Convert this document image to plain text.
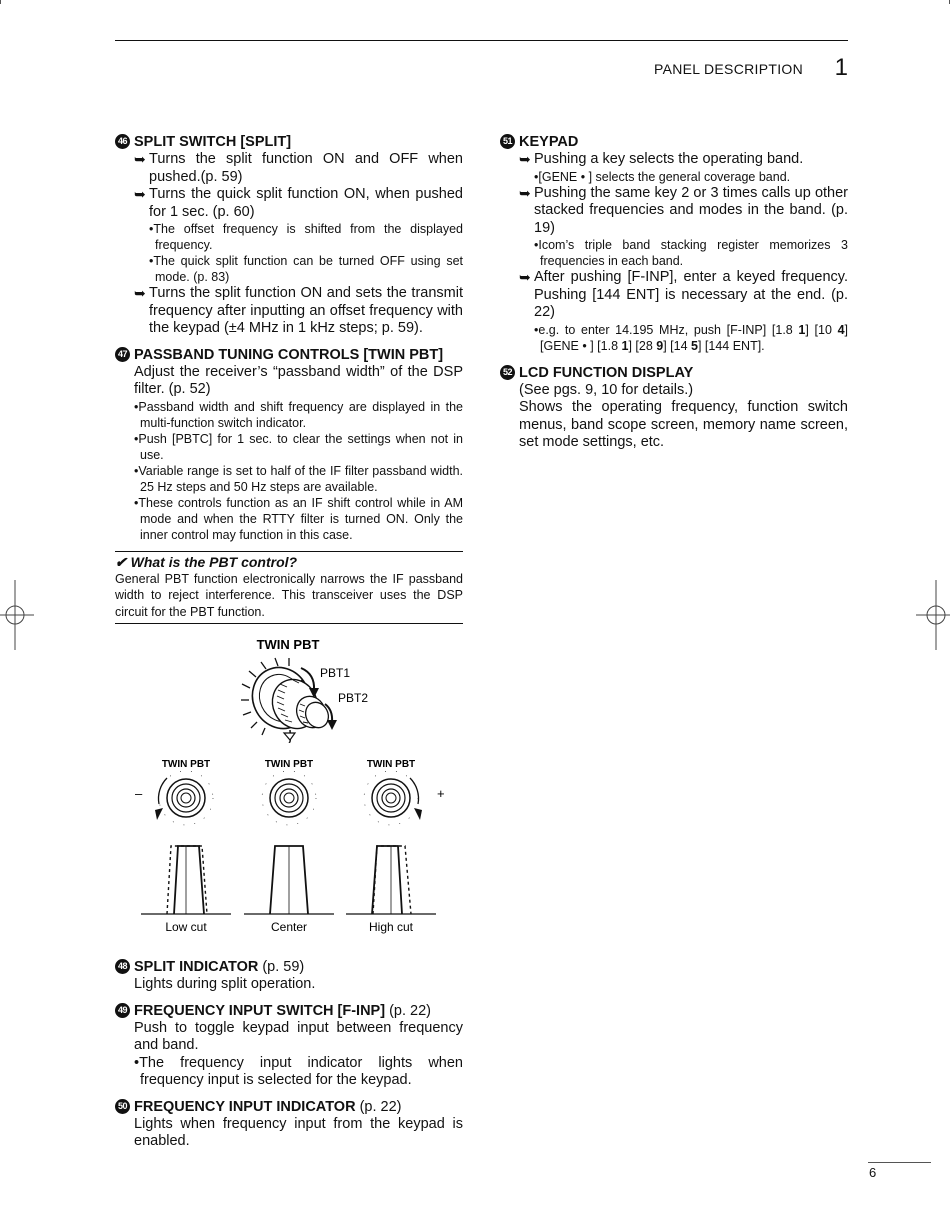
PANEL DESCRIPTION 1
46 SPLIT SWITCH [SPLIT]
➥ Turns the split function ON and OFF when pushed.(p. 59)
➥ Turns the quick split function ON, when pushed for 1 sec. (p. 60)
•The offset frequency is shifted from the displayed frequency.
•The quick split function can be turned OFF using set mode. (p. 83)
➥ Turns the split function ON and sets the transmit frequency after inputting an offset frequency with the keypad (±4 MHz in 1 kHz steps; p. 59).
47 PASSBAND TUNING CONTROLS [TWIN PBT]
Adjust the receiver’s “passband width” of the DSP filter. (p. 52)
•Passband width and shift frequency are displayed in the multi-function switch indicator.
•Push [PBTC] for 1 sec. to clear the settings when not in use.
•Variable range is set to half of the IF filter passband width. 25 Hz steps and 50 Hz steps are available.
•These controls function as an IF shift control while in AM mode and when the RTTY filter is turned ON. Only the inner control may function in this case.
✔ What is the PBT control?
General PBT function electronically narrows the IF passband width to reject interference. This transceiver uses the DSP circuit for the PBT function.
TWIN PBT
PBT1
PBT2
TWIN PBT
–
TWIN PBT	TWIN PBT
+
Low cut	Center	High cut
48 SPLIT INDICATOR (p. 59)
Lights during split operation.
49 FREQUENCY INPUT SWITCH [F-INP] (p. 22)
Push to toggle keypad input between frequency and band.
•The frequency input indicator lights when frequency input is selected for the keypad.
50 FREQUENCY INPUT INDICATOR (p. 22)
Lights when frequency input from the keypad is enabled.
51 KEYPAD
➥ Pushing a key selects the operating band.
•[GENE • ] selects the general coverage band.
➥ Pushing the same key 2 or 3 times calls up other stacked frequencies and modes in the band. (p. 19)
•Icom’s triple band stacking register memorizes 3 frequencies in each band.
➥ After pushing [F-INP], enter a keyed frequency. Pushing [144 ENT] is necessary at the end. (p. 22)
•e.g. to enter 14.195 MHz, push [F-INP] [1.8 1] [10 4] [GENE • ] [1.8 1] [28 9] [14 5] [144 ENT].
52 LCD FUNCTION DISPLAY
(See pgs. 9, 10 for details.)
Shows the operating frequency, function switch menus, band scope screen, memory name screen, set mode settings, etc.
6
